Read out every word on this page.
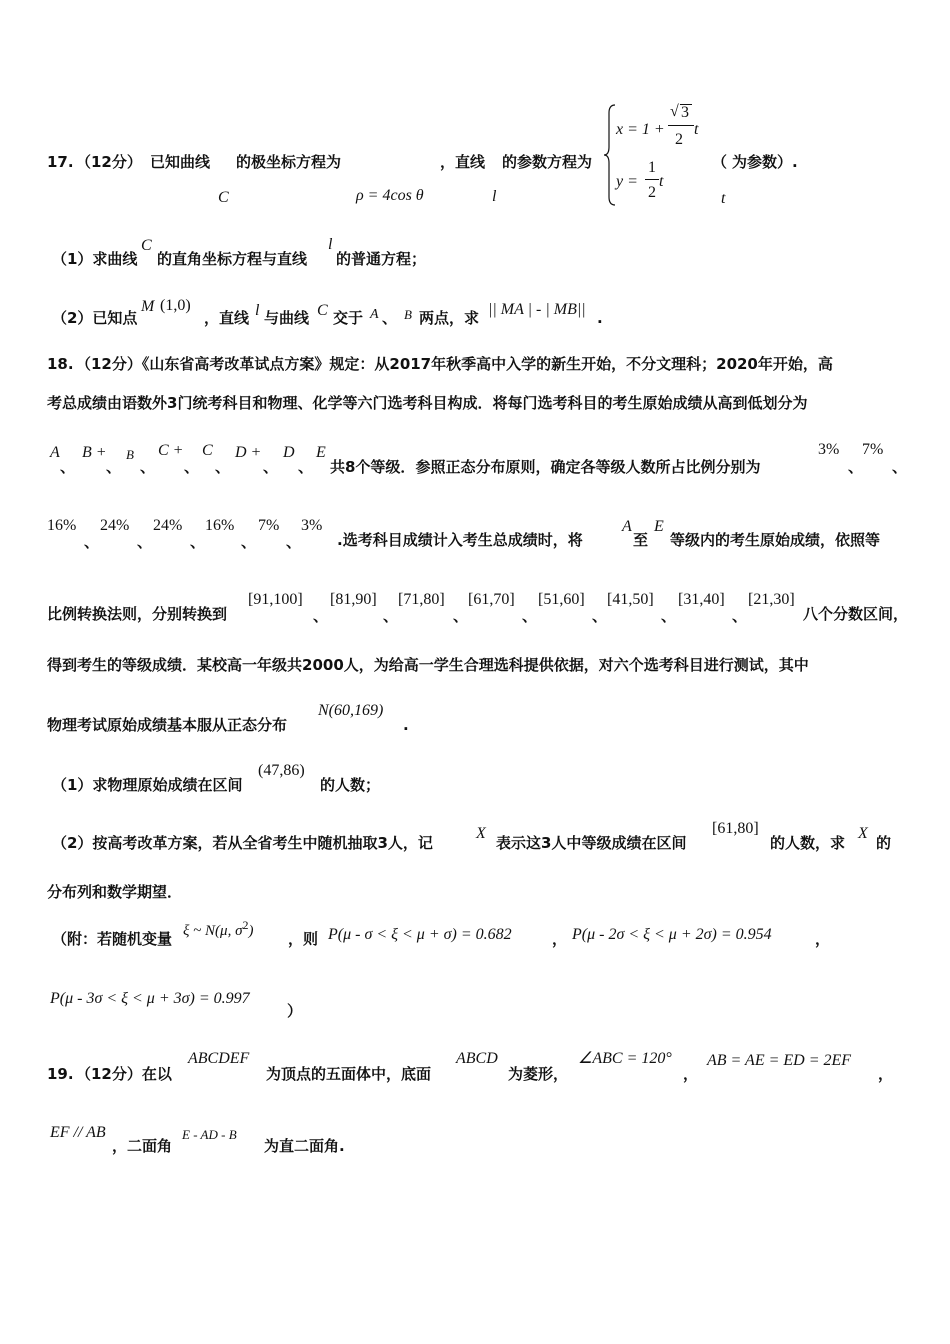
17. （12分） 已知曲线 的极坐标方程为	，直线 的参数方程为	（ 为参数）.
C	ρ = 4cos θ	l	t
x = 1 +
√ 3
2
t
y =
1
2
t
（1）求曲线
C
的直角坐标方程与直线
l
的普通方程；
（2）已知点
M (1,0)
，直线 l 与曲线 C 交于 A 、 B 两点，求 || MA | - | MB|| .
18. （12分）《山东省高考改革试点方案》规定：从2017年秋季高中入学的新生开始，不分文理科；2020年开始，高
考总成绩由语数外3门统考科目和物理、化学等六门选考科目构成．将每门选考科目的考生原始成绩从高到低划分为
A
、
B +
、
B
、
C +
、
C
、
D +
、
D
、
E
共8个等级．参照正态分布原则，确定各等级人数所占比例分别为
3%
、
7%
、
16%
、
24%
、
24%
、
16%
、
7%
、
3%
.选考科目成绩计入考生总成绩时，将
A
至
E
等级内的考生原始成绩，依照等
比例转换法则，分别转换到
[91,100]
、
[81,90]
、
[71,80]
、
[61,70]
、
[51,60]
、
[41,50]
、
[31,40]
、
[21,30]
八个分数区间，
得到考生的等级成绩．某校高一年级共2000人，为给高一学生合理选科提供依据，对六个选考科目进行测试，其中
物理考试原始成绩基本服从正态分布
N(60,169)
.
（1）求物理原始成绩在区间
(47,86)
的人数；
（2）按高考改革方案，若从全省考生中随机抽取3人，记
X
表示这3人中等级成绩在区间
[61,80]
的人数，求
X
的
分布列和数学期望．
（附：若随机变量 ξ ~ N(μ, $\sigma^2$) ，则 P(μ - σ < ξ < μ + σ) = 0.682	， P(μ - 2σ < ξ < μ + 2σ) = 0.954	，
P(μ - 3σ < ξ < μ + 3σ) = 0.997
）
19. （12分）在以
ABCDEF
为顶点的五面体中，底面
ABCD
为菱形，
∠ABC = 120°
，
AB = AE = ED = 2EF
，
EF // AB
，二面角
E - AD - B
为直二面角.
